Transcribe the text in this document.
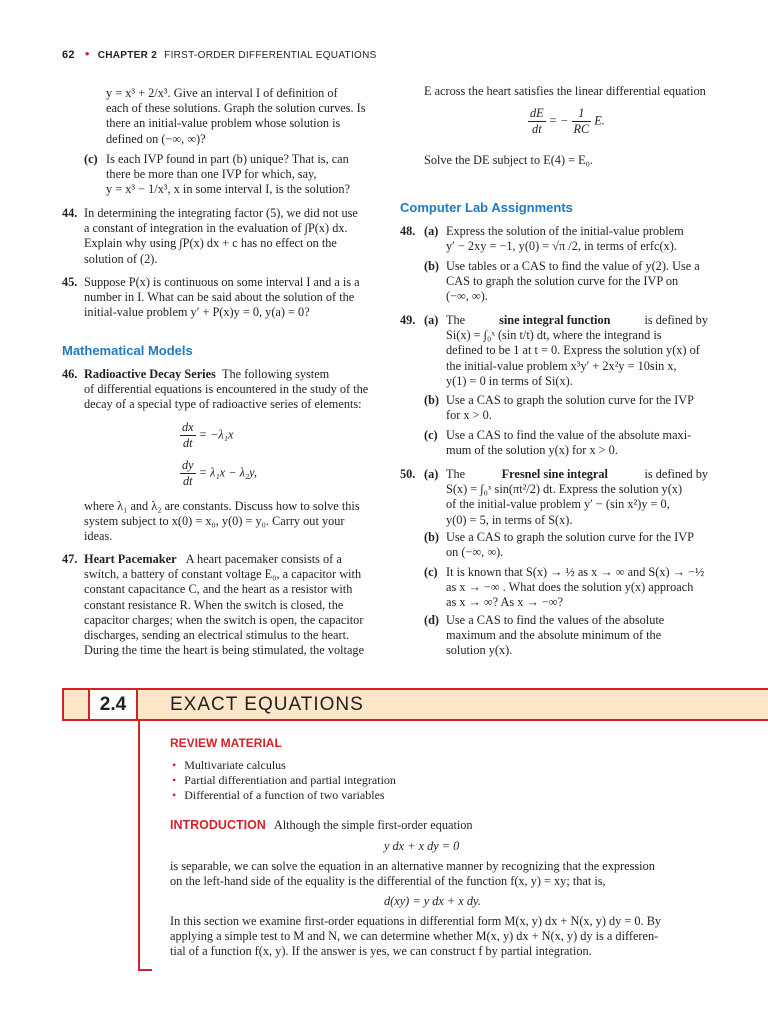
62 • CHAPTER 2 FIRST-ORDER DIFFERENTIAL EQUATIONS
y = x³ + 2/x³. Give an interval I of definition of
each of these solutions. Graph the solution curves. Is
there an initial-value problem whose solution is
defined on (−∞, ∞)?
(c) Is each IVP found in part (b) unique? That is, can
there be more than one IVP for which, say,
y = x³ − 1/x³, x in some interval I, is the solution?
44. In determining the integrating factor (5), we did not use
a constant of integration in the evaluation of ∫P(x) dx.
Explain why using ∫P(x) dx + c has no effect on the
solution of (2).
45. Suppose P(x) is continuous on some interval I and a is a
number in I. What can be said about the solution of the
initial-value problem y′ + P(x)y = 0, y(a) = 0?
Mathematical Models
46. Radioactive Decay Series The following system
of differential equations is encountered in the study of the
decay of a special type of radioactive series of elements:
$\frac{dx}{dt} = -\lambda_1x$
$\frac{dy}{dt} = \lambda_1x - \lambda_2y$,
where λ₁ and λ₂ are constants. Discuss how to solve this
system subject to x(0) = x₀, y(0) = y₀. Carry out your
ideas.
47. Heart Pacemaker A heart pacemaker consists of a
switch, a battery of constant voltage E₀, a capacitor with
constant capacitance C, and the heart as a resistor with
constant resistance R. When the switch is closed, the
capacitor charges; when the switch is open, the capacitor
discharges, sending an electrical stimulus to the heart.
During the time the heart is being stimulated, the voltage
E across the heart satisfies the linear differential equation
$\frac{dE}{dt}$ = − $\frac{1}{RC} E$.
Solve the DE subject to E(4) = E₀.
Computer Lab Assignments
48. (a) Express the solution of the initial-value problem
y′ − 2xy = −1, y(0) = √π /2, in terms of erfc(x).
(b) Use tables or a CAS to find the value of y(2). Use a
CAS to graph the solution curve for the IVP on
(−∞, ∞).
49. (a) The	sine integral function	is defined by
Si(x) = ∫₀ˣ (sin t/t) dt, where the integrand is
defined to be 1 at t = 0. Express the solution y(x) of
the initial-value problem x³y′ + 2x²y = 10sin x,
y(1) = 0 in terms of Si(x).
(b) Use a CAS to graph the solution curve for the IVP
for x > 0.
(c) Use a CAS to find the value of the absolute maxi-
mum of the solution y(x) for x > 0.
50. (a) The	Fresnel sine integral	is defined by
S(x) = ∫₀ˣ sin(πt²/2) dt. Express the solution y(x)
of the initial-value problem y′ − (sin x²)y = 0,
y(0) = 5, in terms of S(x).
(b) Use a CAS to graph the solution curve for the IVP
on (−∞, ∞).
(c) It is known that S(x) → ½ as x → ∞ and S(x) → −½
as x → −∞ . What does the solution y(x) approach
as x → ∞? As x → −∞?
(d) Use a CAS to find the values of the absolute
maximum and the absolute minimum of the
solution y(x).
2.4	EXACT EQUATIONS
REVIEW MATERIAL
• Multivariate calculus
• Partial differentiation and partial integration
• Differential of a function of two variables
INTRODUCTION Although the simple first-order equation
y dx + x dy = 0
is separable, we can solve the equation in an alternative manner by recognizing that the expression
on the left-hand side of the equality is the differential of the function f(x, y) = xy; that is,
d(xy) = y dx + x dy.
In this section we examine first-order equations in differential form M(x, y) dx + N(x, y) dy = 0. By
applying a simple test to M and N, we can determine whether M(x, y) dx + N(x, y) dy is a differen-
tial of a function f(x, y). If the answer is yes, we can construct f by partial integration.
